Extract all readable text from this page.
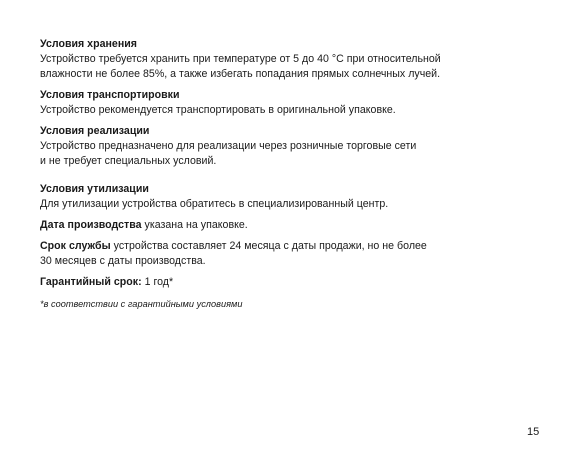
Условия хранения
Устройство требуется хранить при температуре от 5 до 40 °С при относительной
влажности не более 85%, а также избегать попадания прямых солнечных лучей.
Условия транспортировки
Устройство рекомендуется транспортировать в оригинальной упаковке.
Условия реализации
Устройство предназначено для реализации через розничные торговые сети
и не требует специальных условий.
Условия утилизации
Для утилизации устройства обратитесь в специализированный центр.
Дата производства указана на упаковке.
Срок службы устройства составляет 24 месяца с даты продажи, но не более
30 месяцев с даты производства.
Гарантийный срок: 1 год*
*в соответствии с гарантийными условиями
15
